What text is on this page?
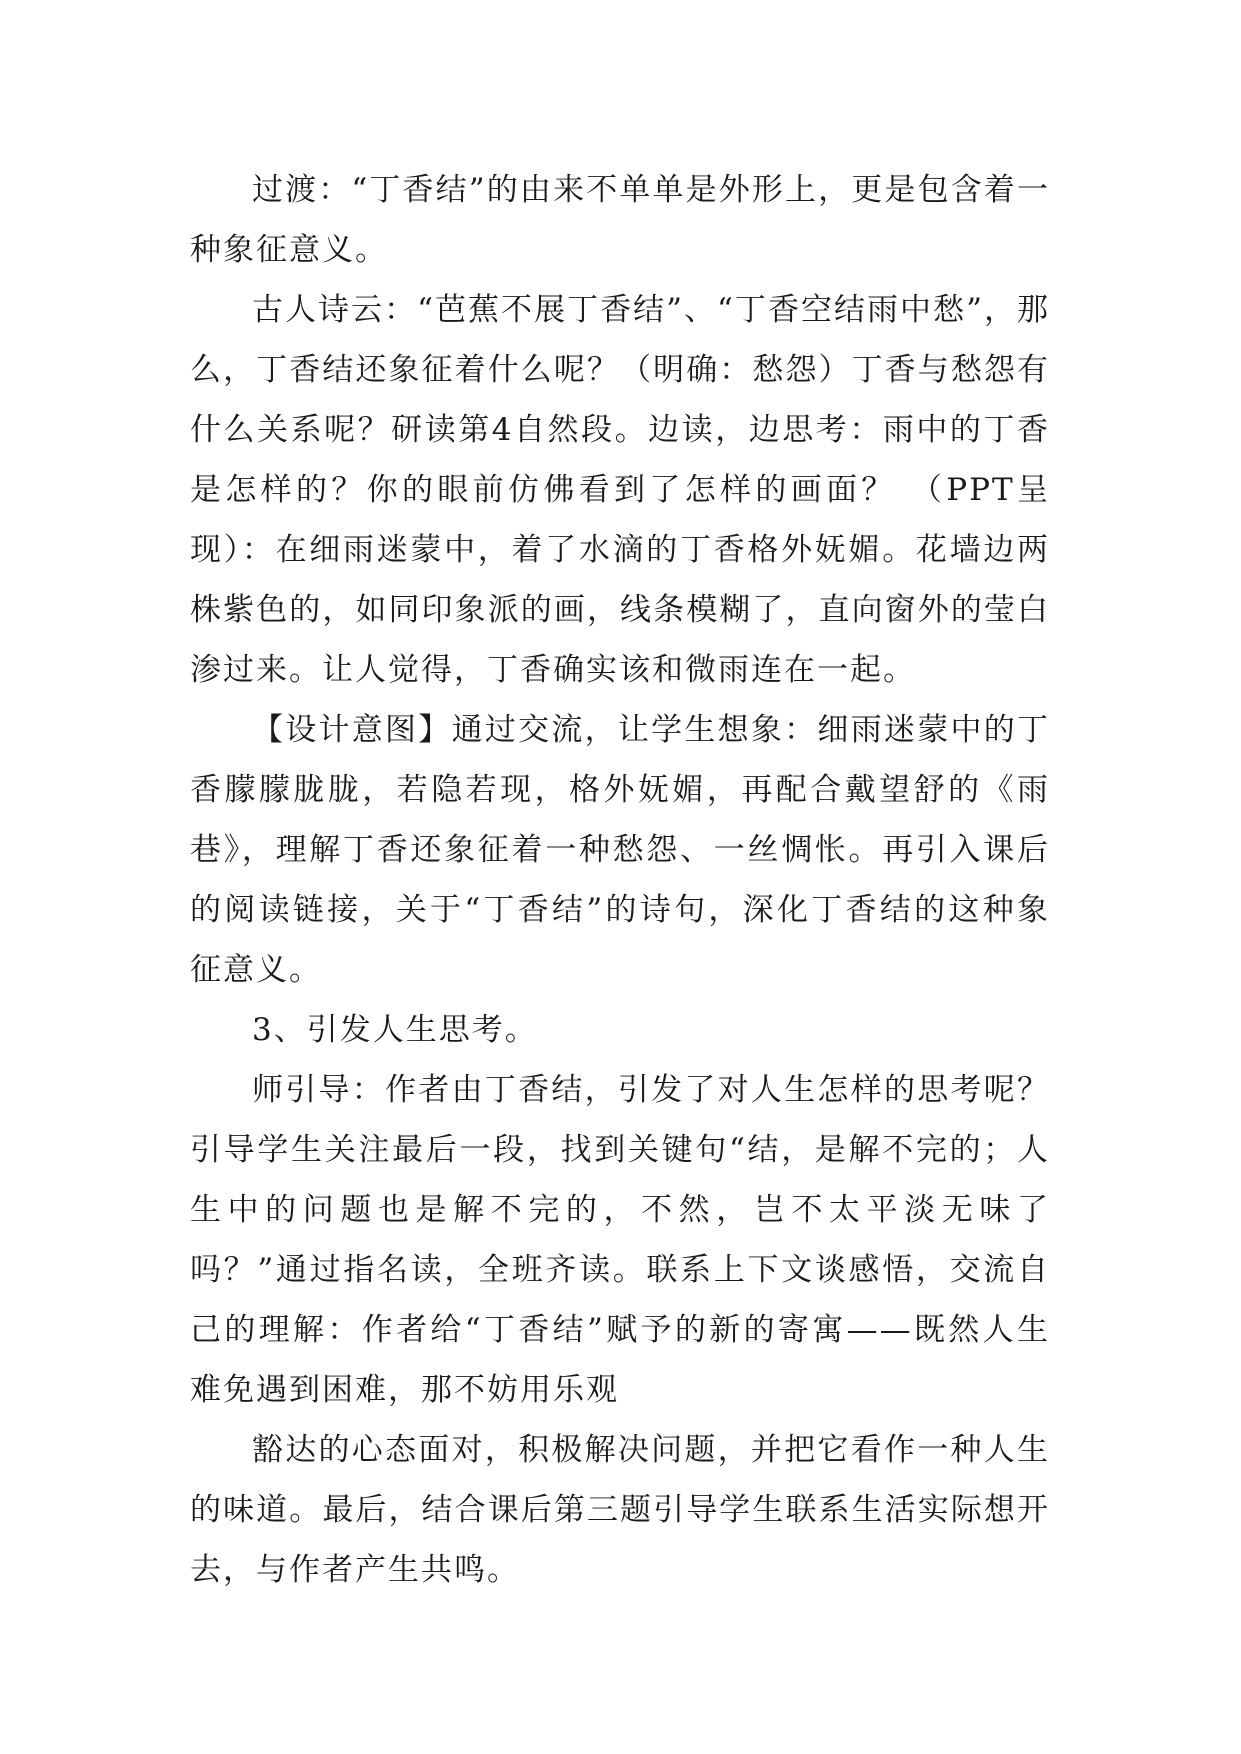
过渡：“丁香结”的由来不单单是外形上，更是包含着一种象征意义。

古人诗云：“芭蕉不展丁香结”、“丁香空结雨中愁”，那么，丁香结还象征着什么呢？（明确：愁怨）丁香与愁怨有什么关系呢？研读第4自然段。边读，边思考：雨中的丁香是怎样的？你的眼前仿佛看到了怎样的画面？ （PPT呈现）：在细雨迷蒙中，着了水滴的丁香格外妩媚。花墙边两株紫色的，如同印象派的画，线条模糊了，直向窗外的莹白渗过来。让人觉得，丁香确实该和微雨连在一起。

【设计意图】通过交流，让学生想象：细雨迷蒙中的丁香朦朦胧胧，若隐若现，格外妩媚，再配合戴望舒的《雨巷》，理解丁香还象征着一种愁怨、一丝惆怅。再引入课后的阅读链接，关于“丁香结”的诗句，深化丁香结的这种象征意义。

3、引发人生思考。

师引导：作者由丁香结，引发了对人生怎样的思考呢？引导学生关注最后一段，找到关键句“结，是解不完的；人生中的问题也是解不完的，不然，岂不太平淡无味了吗？”通过指名读，全班齐读。联系上下文谈感悟，交流自己的理解：作者给“丁香结”赋予的新的寄寓——既然人生难免遇到困难，那不妨用乐观

豁达的心态面对，积极解决问题，并把它看作一种人生的味道。最后，结合课后第三题引导学生联系生活实际想开去，与作者产生共鸣。
